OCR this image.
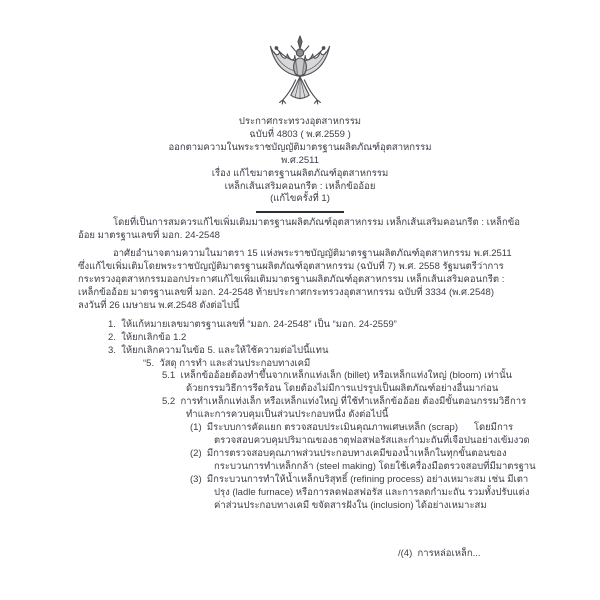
ประกาศกระทรวงอุตสาหกรรม
ฉบับที่ 4803 ( พ.ศ.2559 )
ออกตามความในพระราชบัญญัติมาตรฐานผลิตภัณฑ์อุตสาหกรรม
พ.ศ.2511
เรื่อง แก้ไขมาตรฐานผลิตภัณฑ์อุตสาหกรรม
เหล็กเส้นเสริมคอนกรีต : เหล็กข้ออ้อย
(แก้ไขครั้งที่ 1)
โดยที่เป็นการสมควรแก้ไขเพิ่มเติมมาตรฐานผลิตภัณฑ์อุตสาหกรรม เหล็กเส้นเสริมคอนกรีต : เหล็กข้อ
อ้อย มาตรฐานเลขที่ มอก. 24-2548
อาศัยอำนาจตามความในมาตรา 15 แห่งพระราชบัญญัติมาตรฐานผลิตภัณฑ์อุตสาหกรรม พ.ศ.2511
ซึ่งแก้ไขเพิ่มเติมโดยพระราชบัญญัติมาตรฐานผลิตภัณฑ์อุตสาหกรรม (ฉบับที่ 7) พ.ศ. 2558 รัฐมนตรีว่าการ
กระทรวงอุตสาหกรรมออกประกาศแก้ไขเพิ่มเติมมาตรฐานผลิตภัณฑ์อุตสาหกรรม เหล็กเส้นเสริมคอนกรีต :
เหล็กข้ออ้อย มาตรฐานเลขที่ มอก. 24-2548 ท้ายประกาศกระทรวงอุตสาหกรรม ฉบับที่ 3334 (พ.ศ.2548)
ลงวันที่ 26 เมษายน พ.ศ.2548 ดังต่อไปนี้
1.  ให้แก้หมายเลขมาตรฐานเลขที่ “มอก. 24-2548” เป็น “มอก. 24-2559”
2.  ให้ยกเลิกข้อ 1.2
3.  ให้ยกเลิกความในข้อ 5. และให้ใช้ความต่อไปนี้แทน
“5.  วัสดุ การทำ และส่วนประกอบทางเคมี
5.1  เหล็กข้ออ้อยต้องทำขึ้นจากเหล็กแท่งเล็ก (billet) หรือเหล็กแท่งใหญ่ (bloom) เท่านั้น
ด้วยกรรมวิธีการรีดร้อน โดยต้องไม่มีการแปรรูปเป็นผลิตภัณฑ์อย่างอื่นมาก่อน
5.2  การทำเหล็กแท่งเล็ก หรือเหล็กแท่งใหญ่ ที่ใช้ทำเหล็กข้ออ้อย ต้องมีขั้นตอนกรรมวิธีการ
ทำและการควบคุมเป็นส่วนประกอบหนึ่ง ดังต่อไปนี้
(1)  มีระบบการคัดแยก ตรวจสอบประเมินคุณภาพเศษเหล็ก (scrap)      โดยมีการ
ตรวจสอบควบคุมปริมาณของธาตุฟอสฟอรัสและกำมะถันที่เจือปนอย่างเข้มงวด
(2)  มีการตรวจสอบคุณภาพส่วนประกอบทางเคมีของน้ำเหล็กในทุกขั้นตอนของ
กระบวนการทำเหล็กกล้า (steel making) โดยใช้เครื่องมือตรวจสอบที่มีมาตรฐาน
(3)  มีกระบวนการทำให้น้ำเหล็กบริสุทธิ์ (refining process) อย่างเหมาะสม เช่น มีเตา
ปรุง (ladle furnace) หรือการลดฟอสฟอรัส และการลดกำมะถัน รวมทั้งปรับแต่ง
ค่าส่วนประกอบทางเคมี ขจัดสารฝังใน (inclusion) ได้อย่างเหมาะสม
/(4)  การหล่อเหล็ก...
